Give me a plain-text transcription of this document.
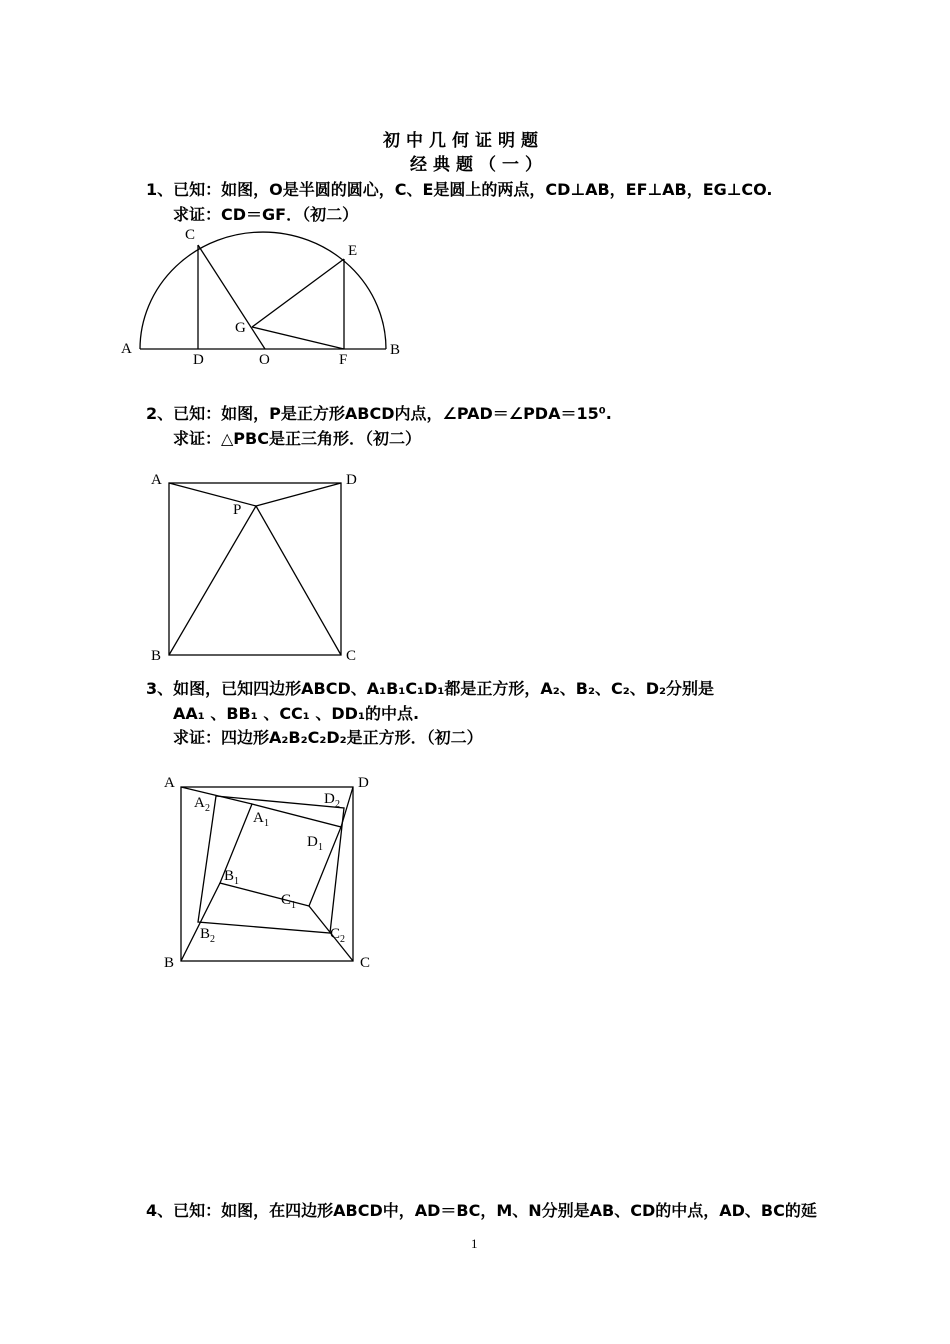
初中几何证明题
经典题（一）
1、已知：如图，O是半圆的圆心，C、E是圆上的两点，CD⊥AB，EF⊥AB，EG⊥CO.
求证：CD＝GF．（初二）
A	B
C
D
E
F
G
O
A
B	C
D
P
A
B	C
D
A 1
B 1
C 1
D 1
A 2
B 2	C 2
D 2
2、已知：如图，P是正方形ABCD内点，∠PAD＝∠PDA＝15⁰.
求证：△PBC是正三角形．（初二）
3、如图，已知四边形ABCD、A₁B₁C₁D₁都是正方形，A₂、B₂、C₂、D₂分别是
AA₁ 、BB₁ 、CC₁ 、DD₁的中点.
求证：四边形A₂B₂C₂D₂是正方形．（初二）
4、已知：如图，在四边形ABCD中，AD＝BC，M、N分别是AB、CD的中点，AD、BC的延
1
